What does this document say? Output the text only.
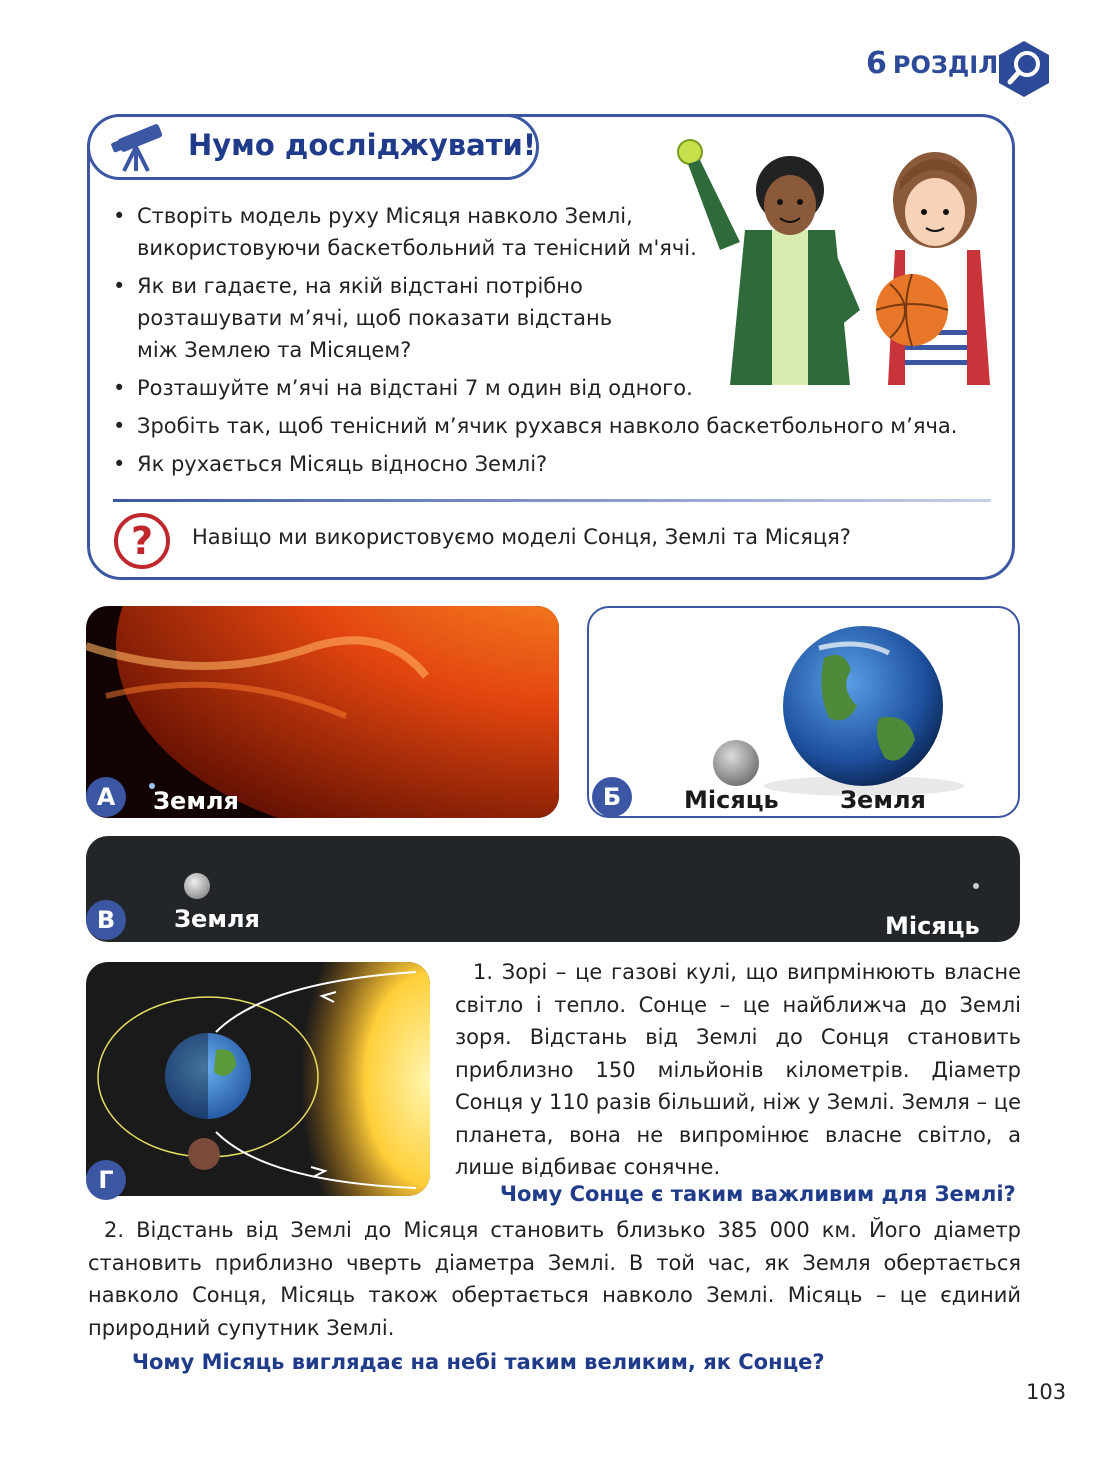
6 РОЗДІЛ
Нумо досліджувати!
• Створіть модель руху Місяця навколо Землі, використовуючи баскетбольний та тенісний м'ячі.
• Як ви гадаєте, на якій відстані потрібно розташувати м’ячі, щоб показати відстань між Землею та Місяцем?
• Розташуйте м’ячі на відстані 7 м один від одного.
• Зробіть так, щоб тенісний м’ячик рухався навколо баскетбольного м’яча.
• Як рухається Місяць відносно Землі?
? Навіщо ми використовуємо моделі Сонця, Землі та Місяця?
А	Земля	Б	Місяць	Земля
В	Земля	Місяць
Г

1. Зорі – це газові кулі, що випрмінюють власне світло і тепло. Сонце – це найближча до Землі зоря. Відстань від Землі до Сонця становить приблизно 150 мільйонів кілометрів. Діаметр Сонця у 110 разів більший, ніж у Землі. Земля – це планета, вона не випромінює власне світло, а лише відбиває сонячне.

Чому Сонце є таким важливим для Землі?

2. Відстань від Землі до Місяця становить близько 385 000 км. Його діаметр становить приблизно чверть діаметра Землі. В той час, як Земля обертається навколо Сонця, Місяць також обертається навколо Землі. Місяць – це єдиний природний супутник Землі.

Чому Місяць виглядає на небі таким великим, як Сонце?
103
